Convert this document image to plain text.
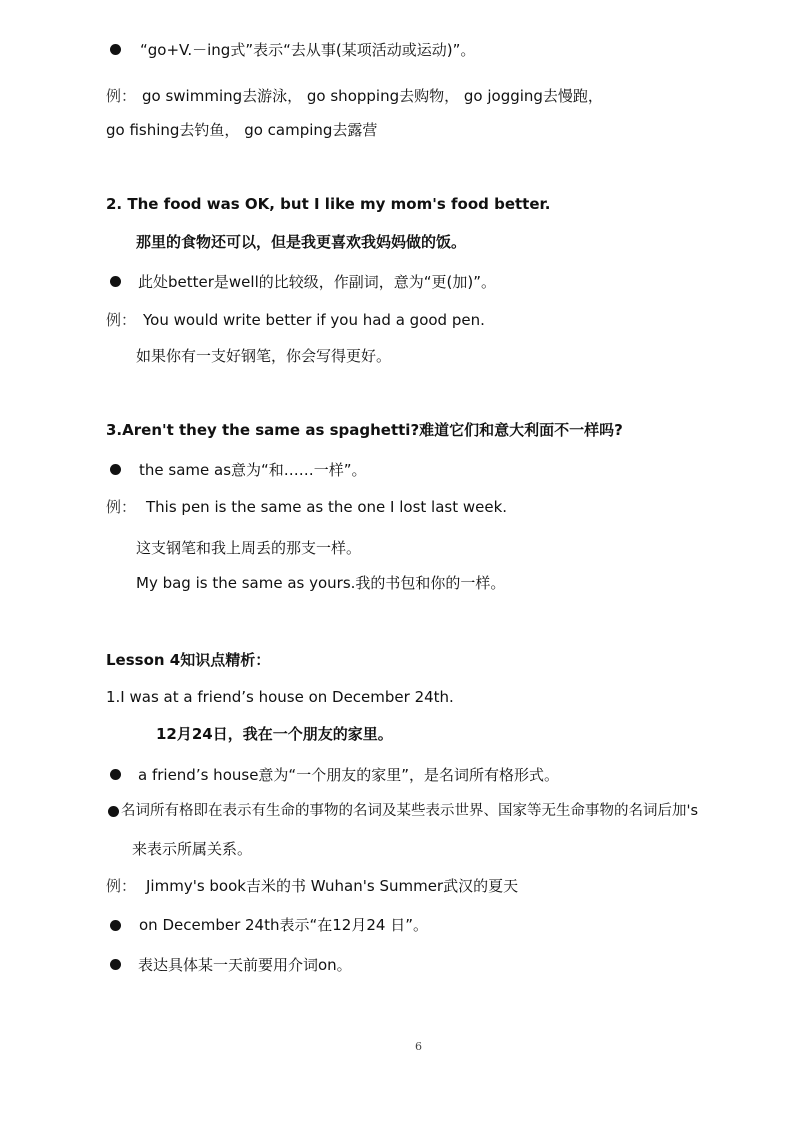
“go+V.－ing式”表示“去从事(某项活动或运动)”。
例： go swimming去游泳， go shopping去购物， go jogging去慢跑，
go fishing去钓鱼， go camping去露营
2. The food was OK, but I like my mom's food better.
那里的食物还可以，但是我更喜欢我妈妈做的饭。
此处better是well的比较级，作副词，意为“更(加)”。
例： You would write better if you had a good pen.
如果你有一支好钢笔，你会写得更好。
3.Aren't they the same as spaghetti?难道它们和意大利面不一样吗?
the same as意为“和……一样”。
例： This pen is the same as the one I lost last week.
这支钢笔和我上周丢的那支一样。
My bag is the same as yours.我的书包和你的一样。
Lesson 4知识点精析：
1.I was at a friend’s house on December 24th.
12月24日，我在一个朋友的家里。
a friend’s house意为“一个朋友的家里”，是名词所有格形式。
名词所有格即在表示有生命的事物的名词及某些表示世界、国家等无生命事物的名词后加's
来表示所属关系。
例： Jimmy's book吉米的书 Wuhan's Summer武汉的夏天
on December 24th表示“在12月24 日”。
表达具体某一天前要用介词on。
6
